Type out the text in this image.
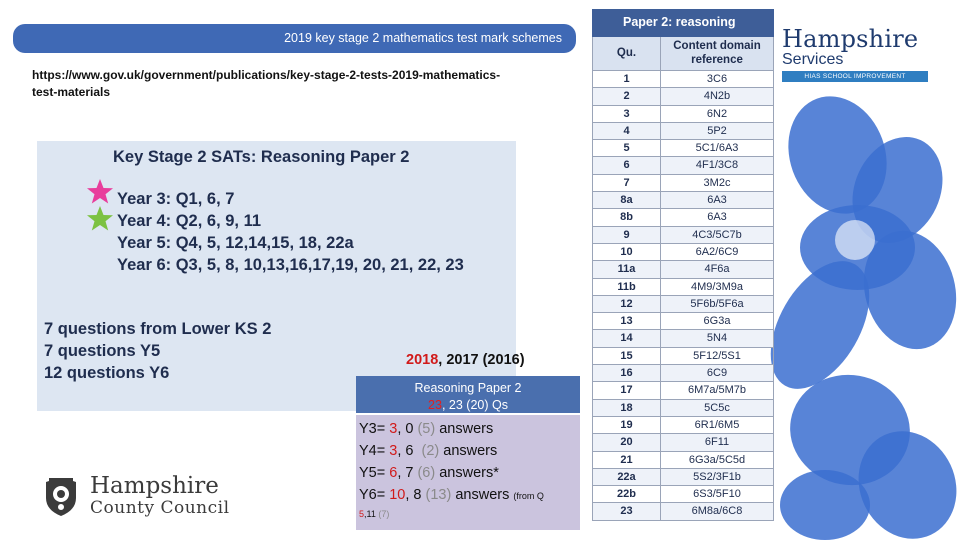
2019 key stage 2 mathematics test mark schemes
https://www.gov.uk/government/publications/key-stage-2-tests-2019-mathematics-test-materials
Key Stage 2 SATs: Reasoning Paper 2
Year 3: Q1, 6, 7
Year 4: Q2, 6, 9, 11
Year 5: Q4, 5, 12,14,15, 18, 22a
Year 6: Q3, 5, 8, 10,13,16,17,19, 20, 21, 22, 23
7 questions from Lower KS 2
7 questions Y5
12 questions Y6
2018, 2017 (2016)
Reasoning Paper 2
23, 23 (20) Qs
Y3= 3, 0 (5) answers
Y4= 3, 6  (2) answers
Y5= 6, 7 (6) answers*
Y6= 10, 8 (13) answers (from Q
5,11 (7)
Paper 2: reasoning
Qu.
Content domain reference
1	3C6
2	4N2b
3	6N2
4	5P2
5	5C1/6A3
6	4F1/3C8
7	3M2c
8a	6A3
8b	6A3
9	4C3/5C7b
10	6A2/6C9
11a	4F6a
11b	4M9/3M9a
12	5F6b/5F6a
13	6G3a
14	5N4
15	5F12/5S1
16	6C9
17	6M7a/5M7b
18	5C5c
19	6R1/6M5
20	6F11
21	6G3a/5C5d
22a	5S2/3F1b
22b	6S3/5F10
23	6M8a/6C8
Hampshire
Services
HIAS SCHOOL IMPROVEMENT
Hampshire
County Council
